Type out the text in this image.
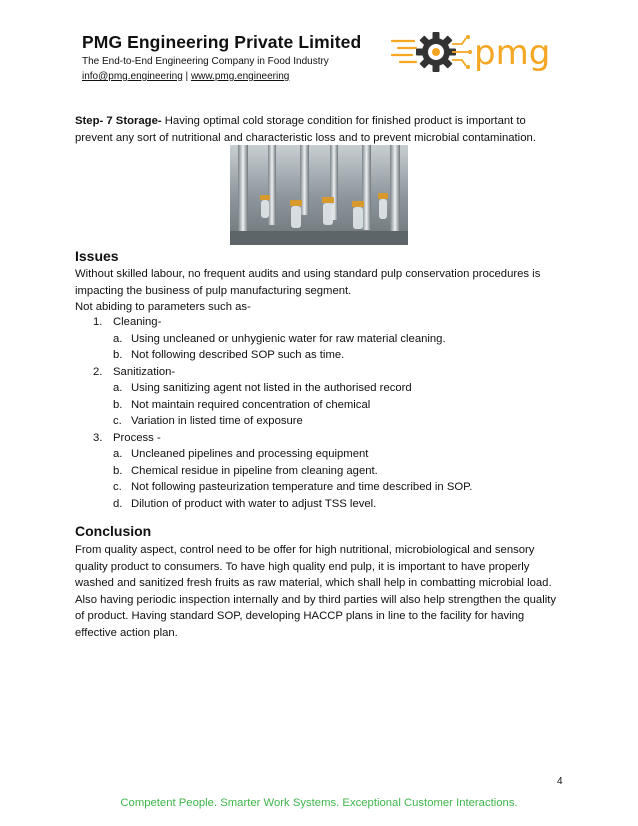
PMG Engineering Private Limited
The End-to-End Engineering Company in Food Industry
info@pmg.engineering | www.pmg.engineering
pmg
Step- 7 Storage- Having optimal cold storage condition for finished product is important to prevent any sort of nutritional and characteristic loss and to prevent microbial contamination.
Issues
Without skilled labour, no frequent audits and using standard pulp conservation procedures is impacting the business of pulp manufacturing segment.
Not abiding to parameters such as-
1. Cleaning-
a. Using uncleaned or unhygienic water for raw material cleaning.
b. Not following described SOP such as time.
2. Sanitization-
a. Using sanitizing agent not listed in the authorised record
b. Not maintain required concentration of chemical
c. Variation in listed time of exposure
3. Process -
a. Uncleaned pipelines and processing equipment
b. Chemical residue in pipeline from cleaning agent.
c. Not following pasteurization temperature and time described in SOP.
d. Dilution of product with water to adjust TSS level.
Conclusion
From quality aspect, control need to be offer for high nutritional, microbiological and sensory quality product to consumers. To have high quality end pulp, it is important to have properly washed and sanitized fresh fruits as raw material, which shall help in combatting microbial load. Also having periodic inspection internally and by third parties will also help strengthen the quality of product. Having standard SOP, developing HACCP plans in line to the facility for having effective action plan.
4
Competent People. Smarter Work Systems. Exceptional Customer Interactions.
